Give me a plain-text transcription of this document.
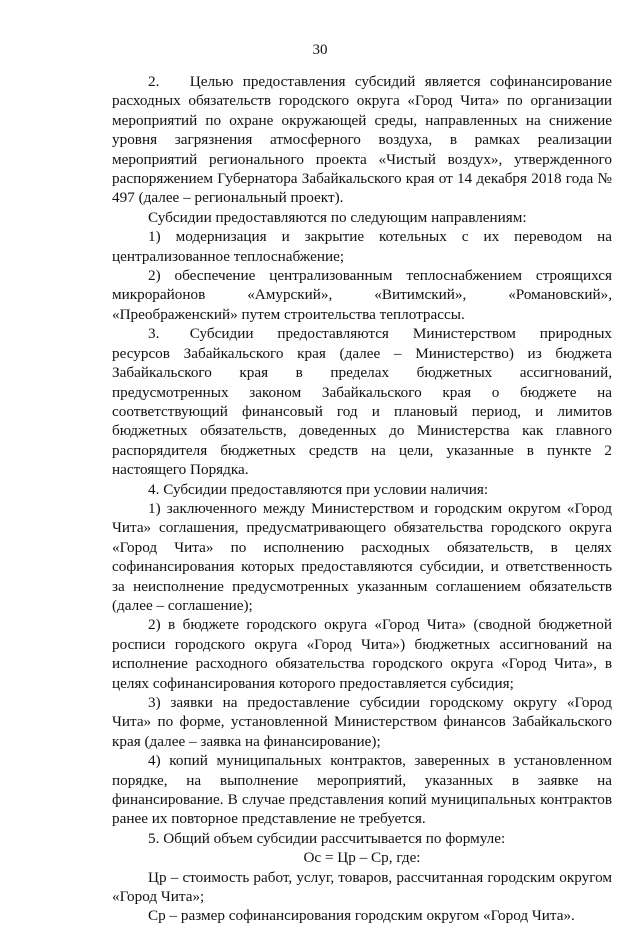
30

2.  Целью предоставления субсидий является софинансирование расходных обязательств городского округа «Город Чита» по организации мероприятий по охране окружающей среды, направленных на снижение уровня загрязнения атмосферного воздуха, в рамках реализации мероприятий регионального проекта «Чистый воздух», утвержденного распоряжением Губернатора Забайкальского края от 14 декабря 2018 года № 497 (далее – региональный проект).

Субсидии предоставляются по следующим направлениям:

1) модернизация и закрытие котельных с их переводом на централизованное теплоснабжение;

2) обеспечение централизованным теплоснабжением строящихся микрорайонов «Амурский», «Витимский», «Романовский», «Преображенский» путем строительства теплотрассы.

3.  Субсидии предоставляются Министерством природных ресурсов Забайкальского края (далее – Министерство) из бюджета Забайкальского края в пределах бюджетных ассигнований, предусмотренных законом Забайкальского края о бюджете на соответствующий финансовый год и плановый период, и лимитов бюджетных обязательств, доведенных до Министерства как главного распорядителя бюджетных средств на цели, указанные в пункте 2 настоящего Порядка.

4. Субсидии предоставляются при условии наличия:

1) заключенного между Министерством и городским округом «Город Чита» соглашения, предусматривающего обязательства городского округа «Город Чита» по исполнению расходных обязательств, в целях софинансирования которых предоставляются субсидии, и ответственность за неисполнение предусмотренных указанным соглашением обязательств (далее – соглашение);

2) в бюджете городского округа «Город Чита» (сводной бюджетной росписи городского округа «Город Чита») бюджетных ассигнований на исполнение расходного обязательства городского округа «Город Чита», в целях софинансирования которого предоставляется субсидия;

3) заявки на предоставление субсидии городскому округу «Город Чита» по форме, установленной Министерством финансов Забайкальского края (далее – заявка на финансирование);

4) копий муниципальных контрактов, заверенных в установленном порядке, на выполнение мероприятий, указанных в заявке на финансирование. В случае представления копий муниципальных контрактов ранее их повторное представление не требуется.

5. Общий объем субсидии рассчитывается по формуле:

Ос = Цр – Ср, где:

Цр – стоимость работ, услуг, товаров, рассчитанная городским округом «Город Чита»;

Ср – размер софинансирования городским округом «Город Чита».
